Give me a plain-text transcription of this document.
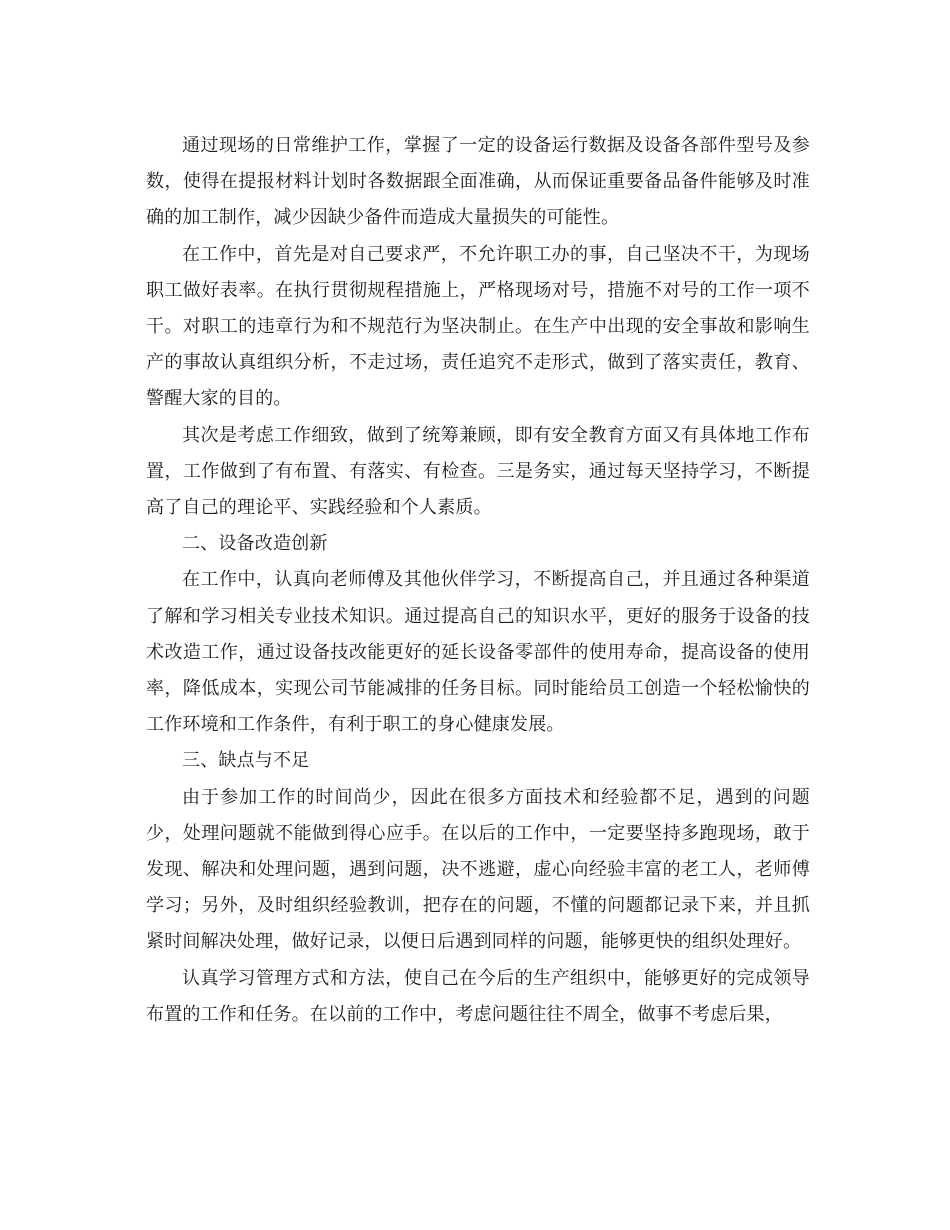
通过现场的日常维护工作，掌握了一定的设备运行数据及设备各部件型号及参数，使得在提报材料计划时各数据跟全面准确，从而保证重要备品备件能够及时准确的加工制作，减少因缺少备件而造成大量损失的可能性。

在工作中，首先是对自己要求严，不允许职工办的事，自己坚决不干，为现场职工做好表率。在执行贯彻规程措施上，严格现场对号，措施不对号的工作一项不干。对职工的违章行为和不规范行为坚决制止。在生产中出现的安全事故和影响生产的事故认真组织分析，不走过场，责任追究不走形式，做到了落实责任，教育、警醒大家的目的。

其次是考虑工作细致，做到了统筹兼顾，即有安全教育方面又有具体地工作布置，工作做到了有布置、有落实、有检查。三是务实，通过每天坚持学习，不断提高了自己的理论平、实践经验和个人素质。

二、设备改造创新

在工作中，认真向老师傅及其他伙伴学习，不断提高自己，并且通过各种渠道了解和学习相关专业技术知识。通过提高自己的知识水平，更好的服务于设备的技术改造工作，通过设备技改能更好的延长设备零部件的使用寿命，提高设备的使用率，降低成本，实现公司节能减排的任务目标。同时能给员工创造一个轻松愉快的工作环境和工作条件，有利于职工的身心健康发展。

三、缺点与不足

由于参加工作的时间尚少，因此在很多方面技术和经验都不足，遇到的问题少，处理问题就不能做到得心应手。在以后的工作中，一定要坚持多跑现场，敢于发现、解决和处理问题，遇到问题，决不逃避，虚心向经验丰富的老工人，老师傅学习；另外，及时组织经验教训，把存在的问题，不懂的问题都记录下来，并且抓紧时间解决处理，做好记录，以便日后遇到同样的问题，能够更快的组织处理好。

认真学习管理方式和方法，使自己在今后的生产组织中，能够更好的完成领导布置的工作和任务。在以前的工作中，考虑问题往往不周全，做事不考虑后果，
